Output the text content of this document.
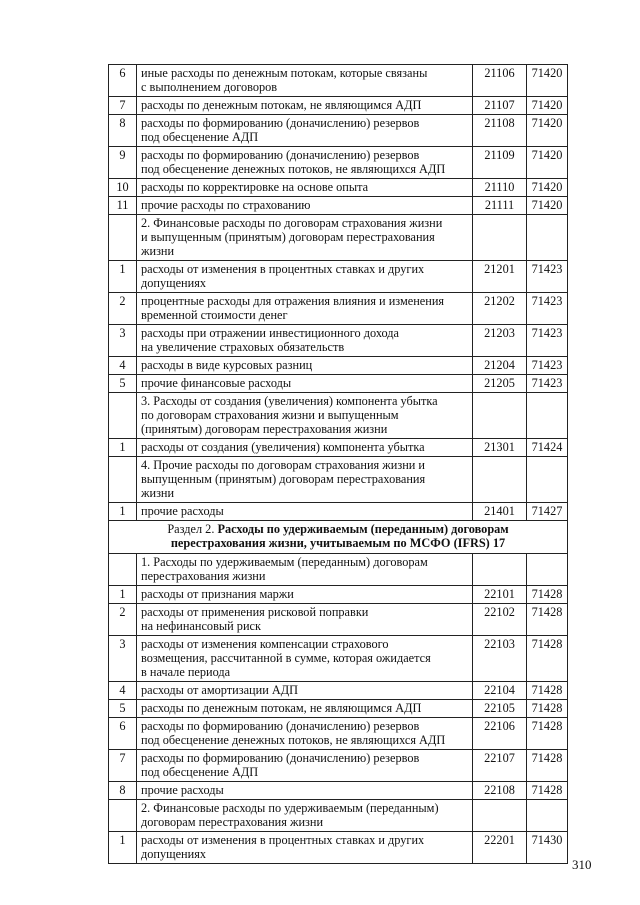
6	иные расходы по денежным потокам, которые связаны
с выполнением договоров	21106	71420
7	расходы по денежным потокам, не являющимся АДП	21107	71420
8	расходы по формированию (доначислению) резервов
под обесценение АДП	21108	71420
9	расходы по формированию (доначислению) резервов
под обесценение денежных потоков, не являющихся АДП	21109	71420
10	расходы по корректировке на основе опыта	21110	71420
11	прочие расходы по страхованию	21111	71420
	2. Финансовые расходы по договорам страхования жизни
и выпущенным (принятым) договорам перестрахования
жизни		
1	расходы от изменения в процентных ставках и других
допущениях	21201	71423
2	процентные расходы для отражения влияния и изменения
временной стоимости денег	21202	71423
3	расходы при отражении инвестиционного дохода
на увеличение страховых обязательств	21203	71423
4	расходы в виде курсовых разниц	21204	71423
5	прочие финансовые расходы	21205	71423
	3. Расходы от создания (увеличения) компонента убытка
по договорам страхования жизни и выпущенным
(принятым) договорам перестрахования жизни		
1	расходы от создания (увеличения) компонента убытка	21301	71424
	4. Прочие расходы по договорам страхования жизни и
выпущенным (принятым) договорам перестрахования
жизни		
1	прочие расходы	21401	71427
Раздел 2. Расходы по удерживаемым (переданным) договорам
перестрахования жизни, учитываемым по МСФО (IFRS) 17			
	1. Расходы по удерживаемым (переданным) договорам
перестрахования жизни		
1	расходы от признания маржи	22101	71428
2	расходы от применения рисковой поправки
на нефинансовый риск	22102	71428
3	расходы от изменения компенсации страхового
возмещения, рассчитанной в сумме, которая ожидается
в начале периода	22103	71428
4	расходы от амортизации АДП	22104	71428
5	расходы по денежным потокам, не являющимся АДП	22105	71428
6	расходы по формированию (доначислению) резервов
под обесценение денежных потоков, не являющихся АДП	22106	71428
7	расходы по формированию (доначислению) резервов
под обесценение АДП	22107	71428
8	прочие расходы	22108	71428
	2. Финансовые расходы по удерживаемым (переданным)
договорам перестрахования жизни		
1	расходы от изменения в процентных ставках и других
допущениях	22201	71430
310
